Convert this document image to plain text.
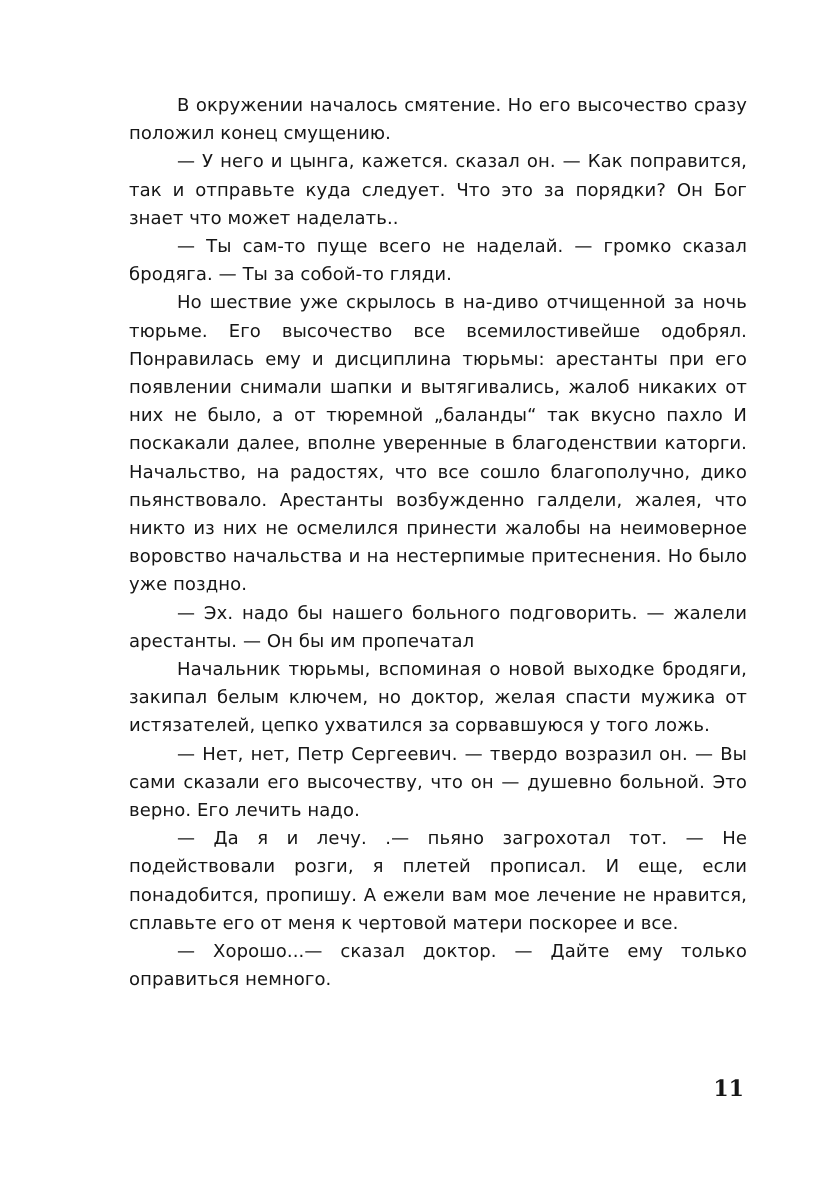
В окружении началось смятение. Но его высочество сразу положил конец смущению.

— У него и цынга, кажется. сказал он. — Как поправится, так и отправьте куда следует. Что это за порядки? Он Бог знает что может наделать..

— Ты сам-то пуще всего не наделай. — громко сказал бродяга. — Ты за собой-то гляди.

Но шествие уже скрылось в на-диво отчищенной за ночь тюрьме. Его высочество все всемилостивейше одобрял. Понравилась ему и дисциплина тюрьмы: арестанты при его появлении снимали шапки и вытягивались, жалоб никаких от них не было, а от тюремной „баланды“ так вкусно пахло И поскакали далее, вполне уверенные в благоденствии каторги. Начальство, на радостях, что все сошло благополучно, дико пьянствовало. Арестанты возбужденно галдели, жалея, что никто из них не осмелился принести жалобы на неимоверное воровство начальства и на нестерпимые притеснения. Но было уже поздно.

— Эх. надо бы нашего больного подговорить. — жалели арестанты. — Он бы им пропечатал

Начальник тюрьмы, вспоминая о новой выходке бродяги, закипал белым ключем, но доктор, желая спасти мужика от истязателей, цепко ухватился за сорвавшуюся у того ложь.

— Нет, нет, Петр Сергеевич. — твердо возразил он. — Вы сами сказали его высочеству, что он — душевно больной. Это верно. Его лечить надо.

— Да я и лечу. .— пьяно загрохотал тот. — Не подействовали розги, я плетей прописал. И еще, если понадобится, пропишу. А ежели вам мое лечение не нравится, сплавьте его от меня к чертовой матери поскорее и все.

— Хорошо...— сказал доктор. — Дайте ему только оправиться немного.

11
